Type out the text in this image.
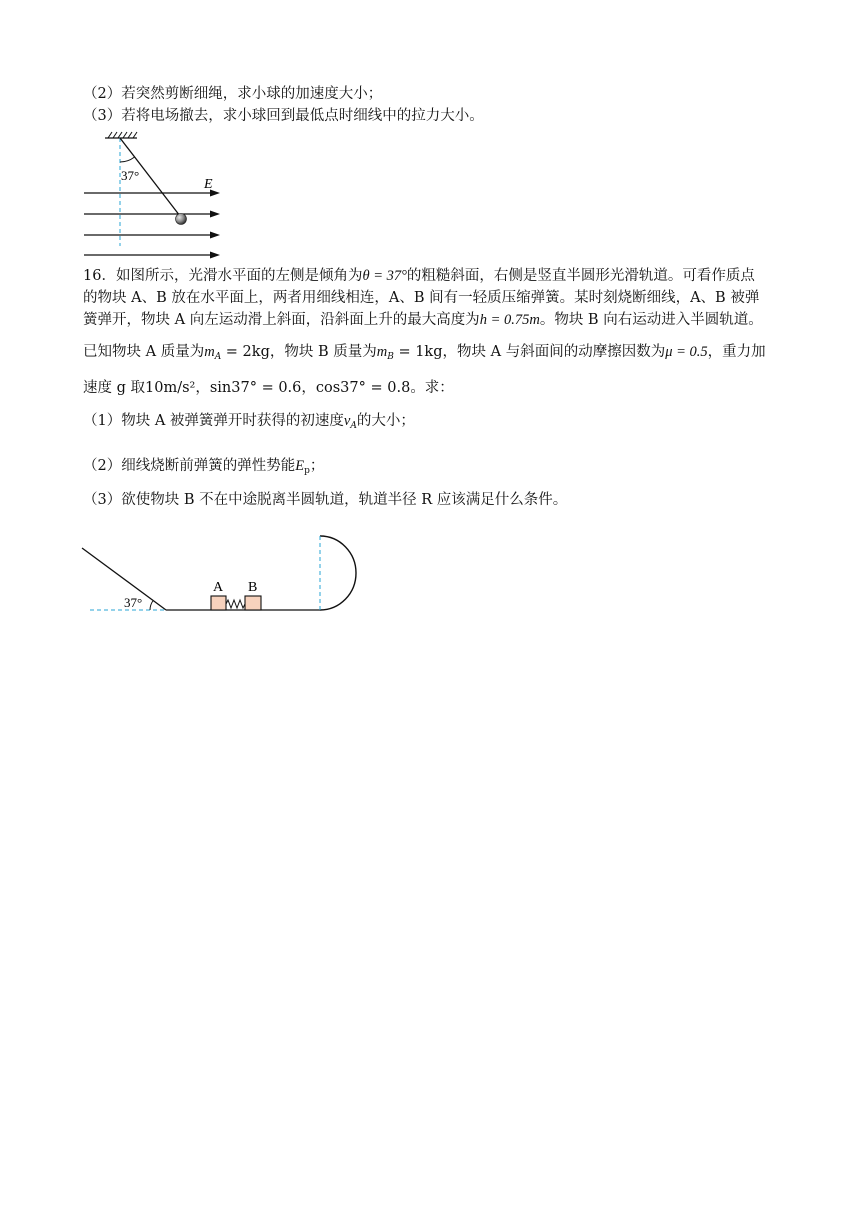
（2）若突然剪断细绳，求小球的加速度大小；
（3）若将电场撤去，求小球回到最低点时细线中的拉力大小。
37°
E
16．如图所示，光滑水平面的左侧是倾角为θ = 37°的粗糙斜面，右侧是竖直半圆形光滑轨道。可看作质点
的物块 A、B 放在水平面上，两者用细线相连，A、B 间有一轻质压缩弹簧。某时刻烧断细线，A、B 被弹
簧弹开，物块 A 向左运动滑上斜面，沿斜面上升的最大高度为h = 0.75m。物块 B 向右运动进入半圆轨道。
已知物块 A 质量为$m_A = 2kg$，物块 B 质量为$m_B = 1kg$，物块 A 与斜面间的动摩擦因数为μ = 0.5，重力加
速度 g 取10m/s²，sin37° = 0.6，cos37° = 0.8。求：
（1）物块 A 被弹簧弹开时获得的初速度$v_A$的大小；
（2）细线烧断前弹簧的弹性势能$E_p$；
（3）欲使物块 B 不在中途脱离半圆轨道，轨道半径 R 应该满足什么条件。
37°
A B
